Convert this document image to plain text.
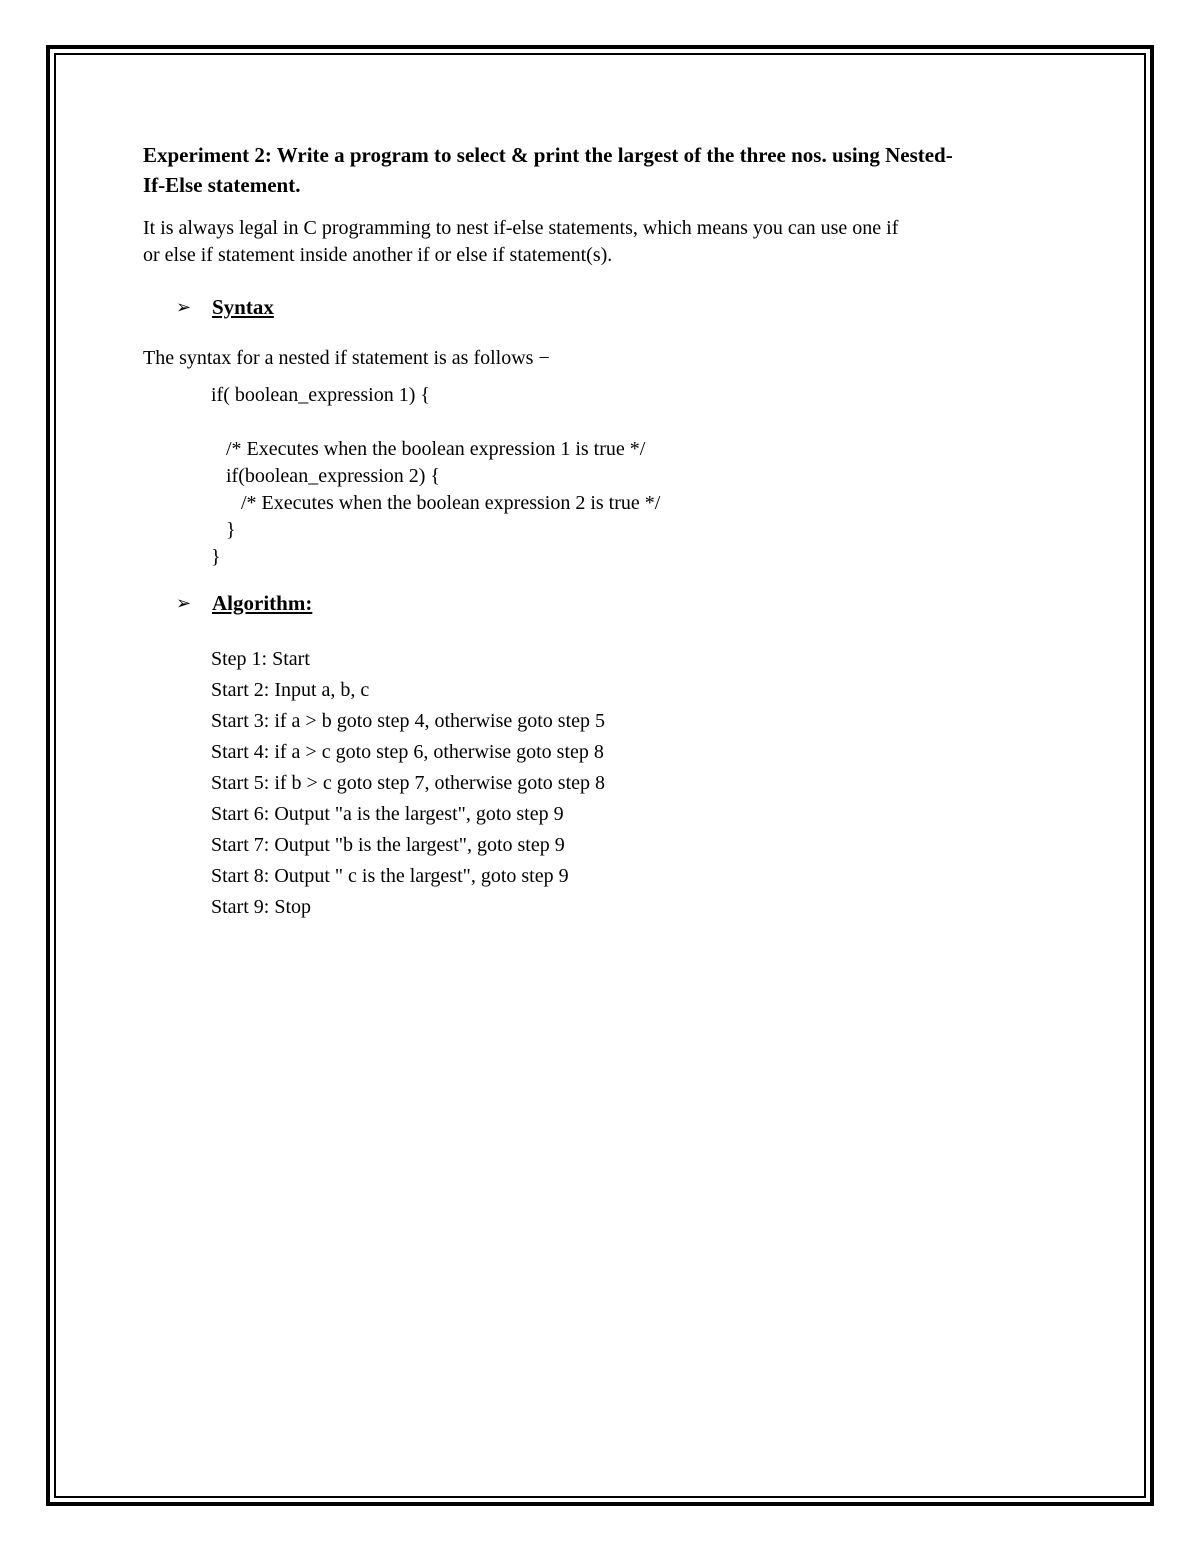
Experiment 2: Write a program to select & print the largest of the three nos. using Nested-
If-Else statement.

It is always legal in C programming to nest if-else statements, which means you can use one if
or else if statement inside another if or else if statement(s).

➢ Syntax

The syntax for a nested if statement is as follows −

if( boolean_expression 1) {
/* Executes when the boolean expression 1 is true */
if(boolean_expression 2) {
/* Executes when the boolean expression 2 is true */
}
}
➢ Algorithm:
Step 1: Start
Start 2: Input a, b, c
Start 3: if a > b goto step 4, otherwise goto step 5
Start 4: if a > c goto step 6, otherwise goto step 8
Start 5: if b > c goto step 7, otherwise goto step 8
Start 6: Output "a is the largest", goto step 9
Start 7: Output "b is the largest", goto step 9
Start 8: Output " c is the largest", goto step 9
Start 9: Stop
